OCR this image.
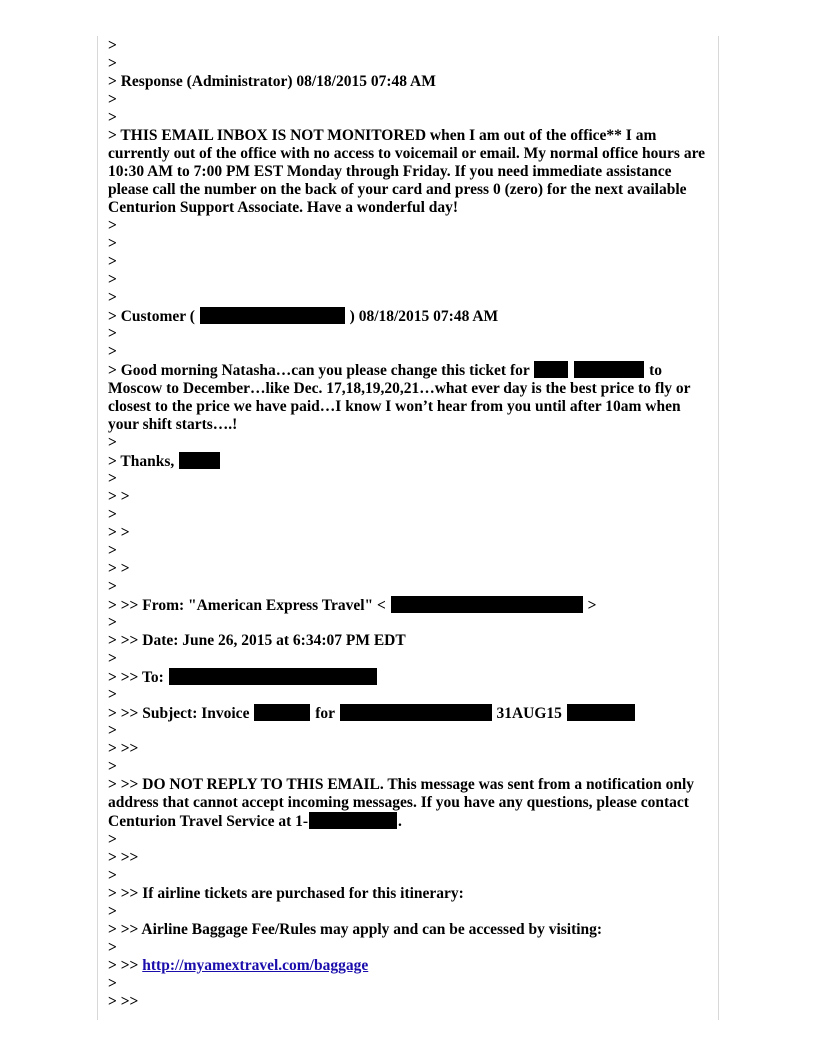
>

>

> Response (Administrator) 08/18/2015 07:48 AM

>

>

> THIS EMAIL INBOX IS NOT MONITORED when I am out of the office** I am currently out of the office with no access to voicemail or email. My normal office hours are 10:30 AM to 7:00 PM EST Monday through Friday. If you need immediate assistance please call the number on the back of your card and press 0 (zero) for the next available Centurion Support Associate. Have a wonderful day!

>

>

>

>

>

> Customer (	) 08/18/2015 07:48 AM

>

>

> Good morning Natasha…can you please change this ticket for	to Moscow to December…like Dec. 17,18,19,20,21…what ever day is the best price to fly or closest to the price we have paid…I know I won’t hear from you until after 10am when your shift starts….!

>

> Thanks,

>

> >

>

> >

>

> >

>

> >> From: "American Express Travel" <	>

>

> >> Date: June 26, 2015 at 6:34:07 PM EDT

>

> >> To:

>

> >> Subject: Invoice	for	31AUG15

>

> >>

>

> >> DO NOT REPLY TO THIS EMAIL. This message was sent from a notification only address that cannot accept incoming messages. If you have any questions, please contact Centurion Travel Service at 1-	.

>

> >>

>

> >> If airline tickets are purchased for this itinerary:

>

> >> Airline Baggage Fee/Rules may apply and can be accessed by visiting:

>

> >> http://myamextravel.com/baggage

>

> >>
